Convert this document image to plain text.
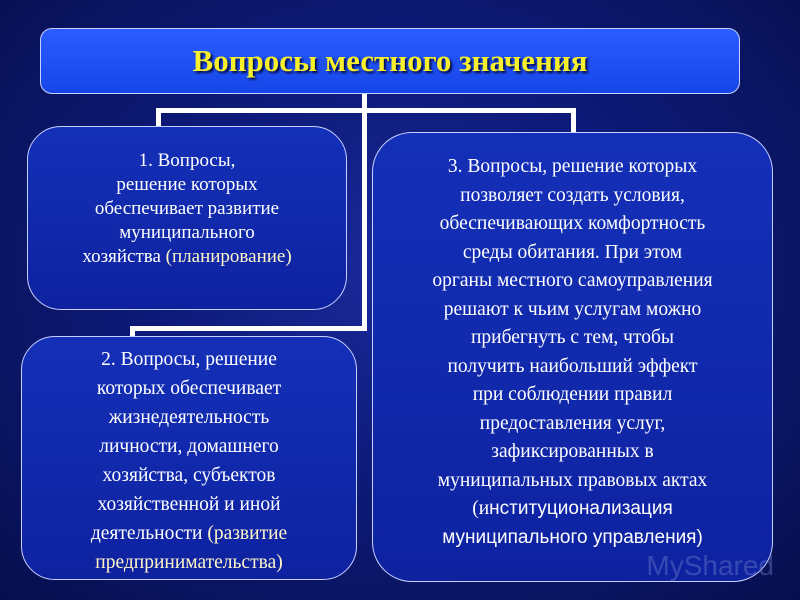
Вопросы местного значения

1. Вопросы,
решение которых
обеспечивает развитие
муниципального
хозяйства (планирование)

2. Вопросы, решение
которых обеспечивает
жизнедеятельность
личности, домашнего
хозяйства, субъектов
хозяйственной и иной
деятельности (развитие
предпринимательства)

3. Вопросы, решение которых
позволяет создать условия,
обеспечивающих комфортность
среды обитания. При этом
органы местного самоуправления
решают к чьим услугам можно
прибегнуть с тем, чтобы
получить наибольший эффект
при соблюдении правил
предоставления услуг,
зафиксированных в
муниципальных правовых актах
(институционализация
муниципального управления)

MyShared
